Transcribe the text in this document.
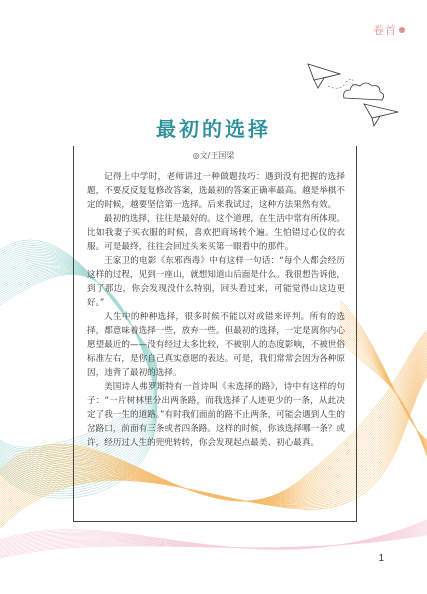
卷首
最初的选择
◎文/王国梁

记得上中学时，老师讲过一种做题技巧：遇到没有把握的选择题，不要反反复复修改答案，选最初的答案正确率最高。越是举棋不定的时候，越要坚信第一选择。后来我试过，这种方法果然有效。

最初的选择，往往是最好的。这个道理，在生活中常有所体现。比如我妻子买衣服的时候，喜欢把商场转个遍。生怕错过心仪的衣服。可是最终，往往会回过头来买第一眼看中的那件。

王家卫的电影《东邪西毒》中有这样一句话：“每个人都会经历这样的过程，见到一座山，就想知道山后面是什么。我很想告诉他，到了那边，你会发现没什么特别，回头看过来，可能觉得山这边更好。”

人生中的种种选择，很多时候不能以对或错来评判。所有的选择，都意味着选择一些，放弃一些。但最初的选择，一定是离你内心愿望最近的——没有经过太多比较，不被别人的态度影响，不被世俗标准左右，是你自己真实意愿的表达。可是，我们常常会因为各种原因，违背了最初的选择。

美国诗人弗罗斯特有一首诗叫《未选择的路》，诗中有这样的句子：“一片树林里分出两条路，而我选择了人迹更少的一条，从此决定了我一生的道路。”有时我们面前的路不止两条，可能会遇到人生的岔路口，前面有三条或者四条路。这样的时候，你该选择哪一条？或许，经历过人生的兜兜转转，你会发现起点最美、初心最真。

1
